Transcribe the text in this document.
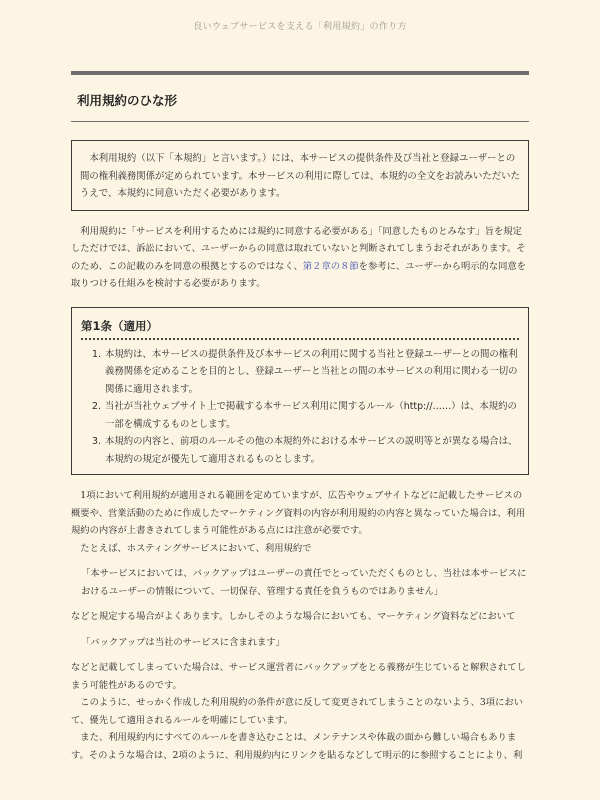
良いウェブサービスを支える「利用規約」の作り方
利用規約のひな形
本利用規約（以下「本規約」と言います。）には、本サービスの提供条件及び当社と登録ユーザーとの間の権利義務関係が定められています。本サービスの利用に際しては、本規約の全文をお読みいただいたうえで、本規約に同意いただく必要があります。

利用規約に「サービスを利用するためには規約に同意する必要がある」「同意したものとみなす」旨を規定しただけでは、訴訟において、ユーザーからの同意は取れていないと判断されてしまうおそれがあります。そのため、この記載のみを同意の根拠とするのではなく、第２章の８節を参考に、ユーザーから明示的な同意を取りつける仕組みを検討する必要があります。

第1条（適用）
1. 本規約は、本サービスの提供条件及び本サービスの利用に関する当社と登録ユーザーとの間の権利義務関係を定めることを目的とし、登録ユーザーと当社との間の本サービスの利用に関わる一切の関係に適用されます。
2. 当社が当社ウェブサイト上で掲載する本サービス利用に関するルール（http://……）は、本規約の一部を構成するものとします。
3. 本規約の内容と、前項のルールその他の本規約外における本サービスの説明等とが異なる場合は、本規約の規定が優先して適用されるものとします。

1項において利用規約が適用される範囲を定めていますが、広告やウェブサイトなどに記載したサービスの概要や、営業活動のために作成したマーケティング資料の内容が利用規約の内容と異なっていた場合は、利用規約の内容が上書きされてしまう可能性がある点には注意が必要です。

たとえば、ホスティングサービスにおいて、利用規約で

「本サービスにおいては、バックアップはユーザーの責任でとっていただくものとし、当社は本サービスにおけるユーザーの情報について、一切保存、管理する責任を負うものではありません」

などと規定する場合がよくあります。しかしそのような場合においても、マーケティング資料などにおいて

「バックアップは当社のサービスに含まれます」

などと記載してしまっていた場合は、サービス運営者にバックアップをとる義務が生じていると解釈されてしまう可能性があるのです。

このように、せっかく作成した利用規約の条件が意に反して変更されてしまうことのないよう、3項において、優先して適用されるルールを明確にしています。

また、利用規約内にすべてのルールを書き込むことは、メンテナンスや体裁の面から難しい場合もあります。そのような場合は、2項のように、利用規約内にリンクを貼るなどして明示的に参照することにより、利
